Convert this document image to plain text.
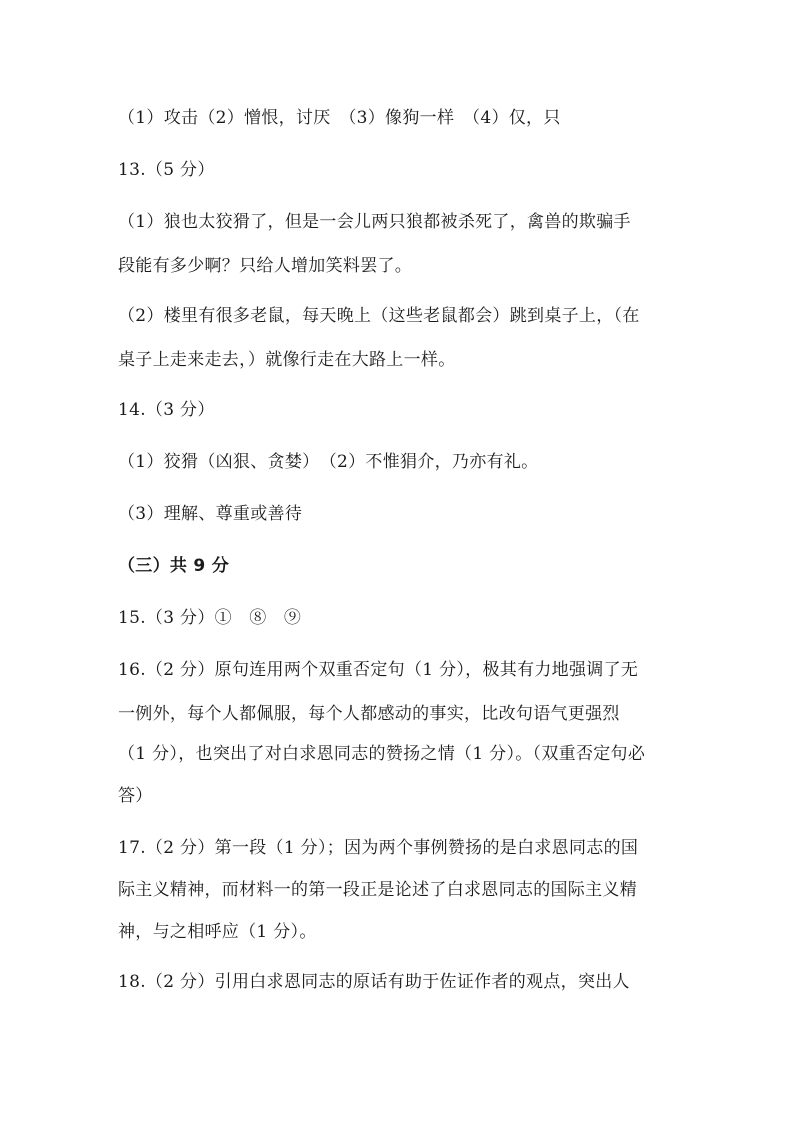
（1）攻击（2）憎恨，讨厌　（3）像狗一样　（4）仅，只
13.（5 分）
（1）狼也太狡猾了，但是一会儿两只狼都被杀死了，禽兽的欺骗手
段能有多少啊？只给人增加笑料罢了。
（2）楼里有很多老鼠，每天晚上（这些老鼠都会）跳到桌子上，（在
桌子上走来走去，）就像行走在大路上一样。
14.（3 分）
（1）狡猾（凶狠、贪婪）　（2）不惟狷介，乃亦有礼。
（3）理解、尊重或善待
（三）共 9 分
15.（3 分）①　⑧　⑨
16.（2 分）原句连用两个双重否定句（1 分），极其有力地强调了无
一例外，每个人都佩服，每个人都感动的事实，比改句语气更强烈
（1 分），也突出了对白求恩同志的赞扬之情（1 分）。（双重否定句必
答）
17.（2 分）第一段（1 分）；因为两个事例赞扬的是白求恩同志的国
际主义精神，而材料一的第一段正是论述了白求恩同志的国际主义精
神，与之相呼应（1 分）。
18.（2 分）引用白求恩同志的原话有助于佐证作者的观点，突出人
